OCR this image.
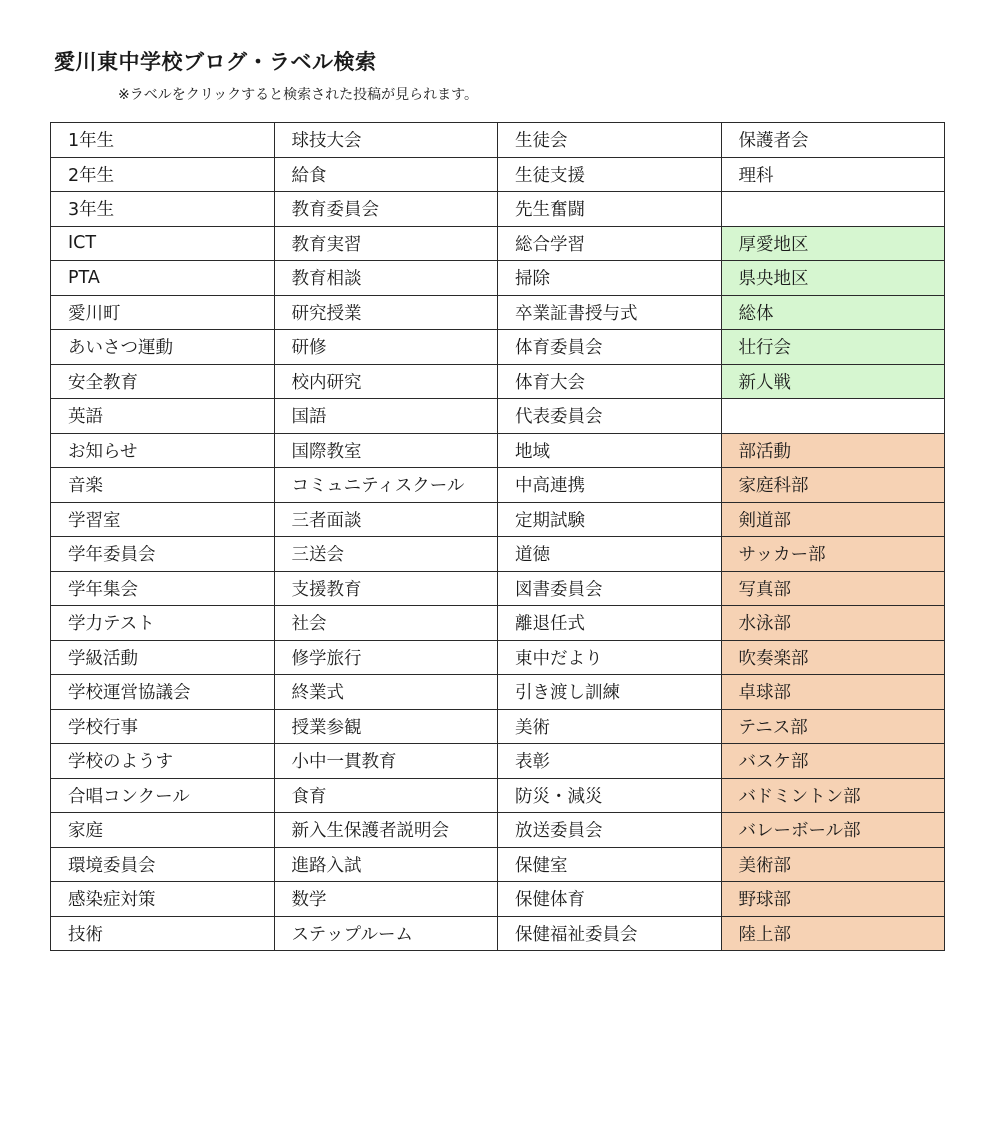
愛川東中学校ブログ・ラベル検索
※ラベルをクリックすると検索された投稿が見られます。
1年生	球技大会	生徒会	保護者会
2年生	給食	生徒支援	理科
3年生	教育委員会	先生奮闘	
ICT	教育実習	総合学習	厚愛地区
PTA	教育相談	掃除	県央地区
愛川町	研究授業	卒業証書授与式	総体
あいさつ運動	研修	体育委員会	壮行会
安全教育	校内研究	体育大会	新人戦
英語	国語	代表委員会	
お知らせ	国際教室	地域	部活動
音楽	コミュニティスクール	中高連携	家庭科部
学習室	三者面談	定期試験	剣道部
学年委員会	三送会	道徳	サッカー部
学年集会	支援教育	図書委員会	写真部
学力テスト	社会	離退任式	水泳部
学級活動	修学旅行	東中だより	吹奏楽部
学校運営協議会	終業式	引き渡し訓練	卓球部
学校行事	授業参観	美術	テニス部
学校のようす	小中一貫教育	表彰	バスケ部
合唱コンクール	食育	防災・減災	バドミントン部
家庭	新入生保護者説明会	放送委員会	バレーボール部
環境委員会	進路入試	保健室	美術部
感染症対策	数学	保健体育	野球部
技術	ステップルーム	保健福祉委員会	陸上部
